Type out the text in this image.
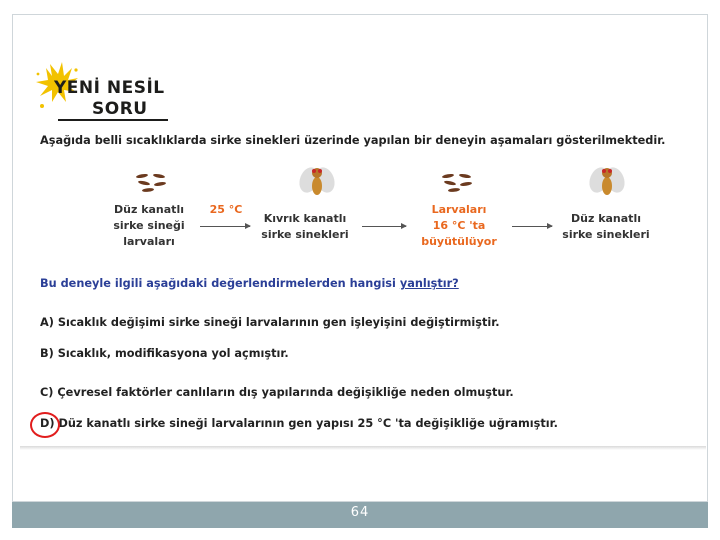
YENİ NESİL
SORU
Aşağıda belli sıcaklıklarda sirke sinekleri üzerinde yapılan bir deneyin aşamaları gösterilmektedir.
Düz kanatlı
sirke sineği
larvaları
25 °C
Kıvrık kanatlı
sirke sinekleri
Larvaları
16 °C 'ta
büyütülüyor
Düz kanatlı
sirke sinekleri
Bu deneyle ilgili aşağıdaki değerlendirmelerden hangisi yanlıştır?
A) Sıcaklık değişimi sirke sineği larvalarının gen işleyişini değiştirmiştir.
B) Sıcaklık, modifikasyona yol açmıştır.
C) Çevresel faktörler canlıların dış yapılarında değişikliğe neden olmuştur.
D) Düz kanatlı sirke sineği larvalarının gen yapısı 25 °C 'ta değişikliğe uğramıştır.
64
